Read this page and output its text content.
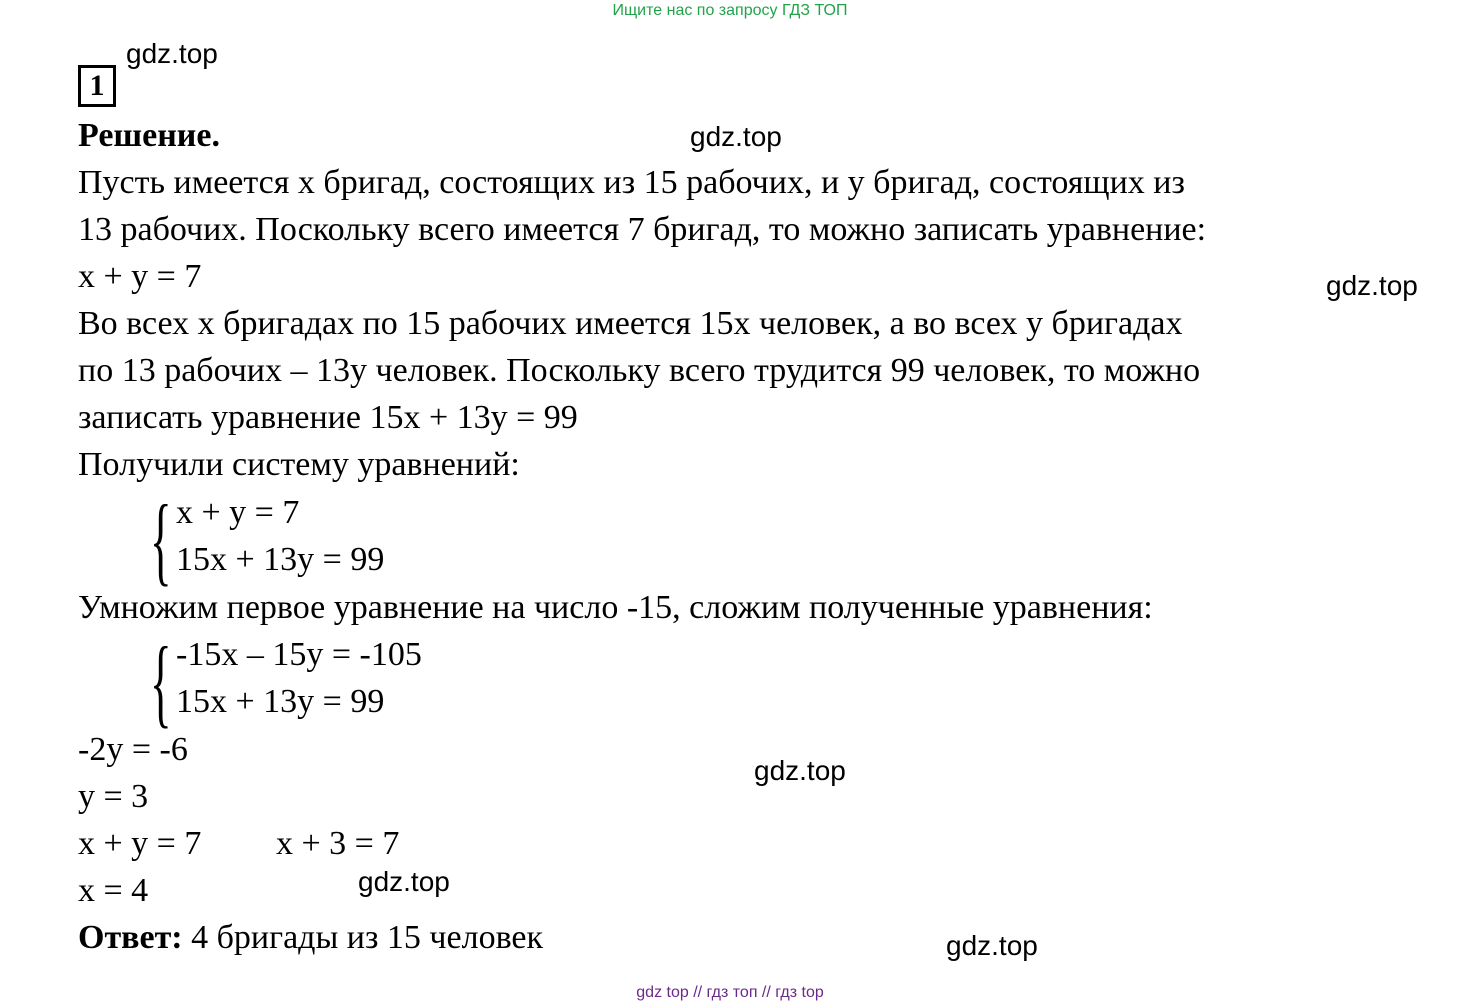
Ищите нас по запросу ГДЗ ТОП
gdz.top
gdz.top
gdz.top
gdz.top
gdz.top
gdz.top
1
Решение.
Пусть имеется x бригад, состоящих из 15 рабочих, и y бригад, состоящих из
13 рабочих. Поскольку всего имеется 7 бригад, то можно записать уравнение:
x + y = 7
Во всех x бригадах по 15 рабочих имеется 15x человек, а во всех y бригадах
по 13 рабочих – 13y человек. Поскольку всего трудится 99 человек, то можно
записать уравнение 15x + 13y = 99
Получили систему уравнений:
{ x + y = 7
15x + 13y = 99
Умножим первое уравнение на число -15, сложим полученные уравнения:
{ -15x – 15y = -105
15x + 13y = 99
-2y = -6
y = 3
x + y = 7 x + 3 = 7
x = 4
Ответ: 4 бригады из 15 человек
gdz top // гдз топ // гдз top
